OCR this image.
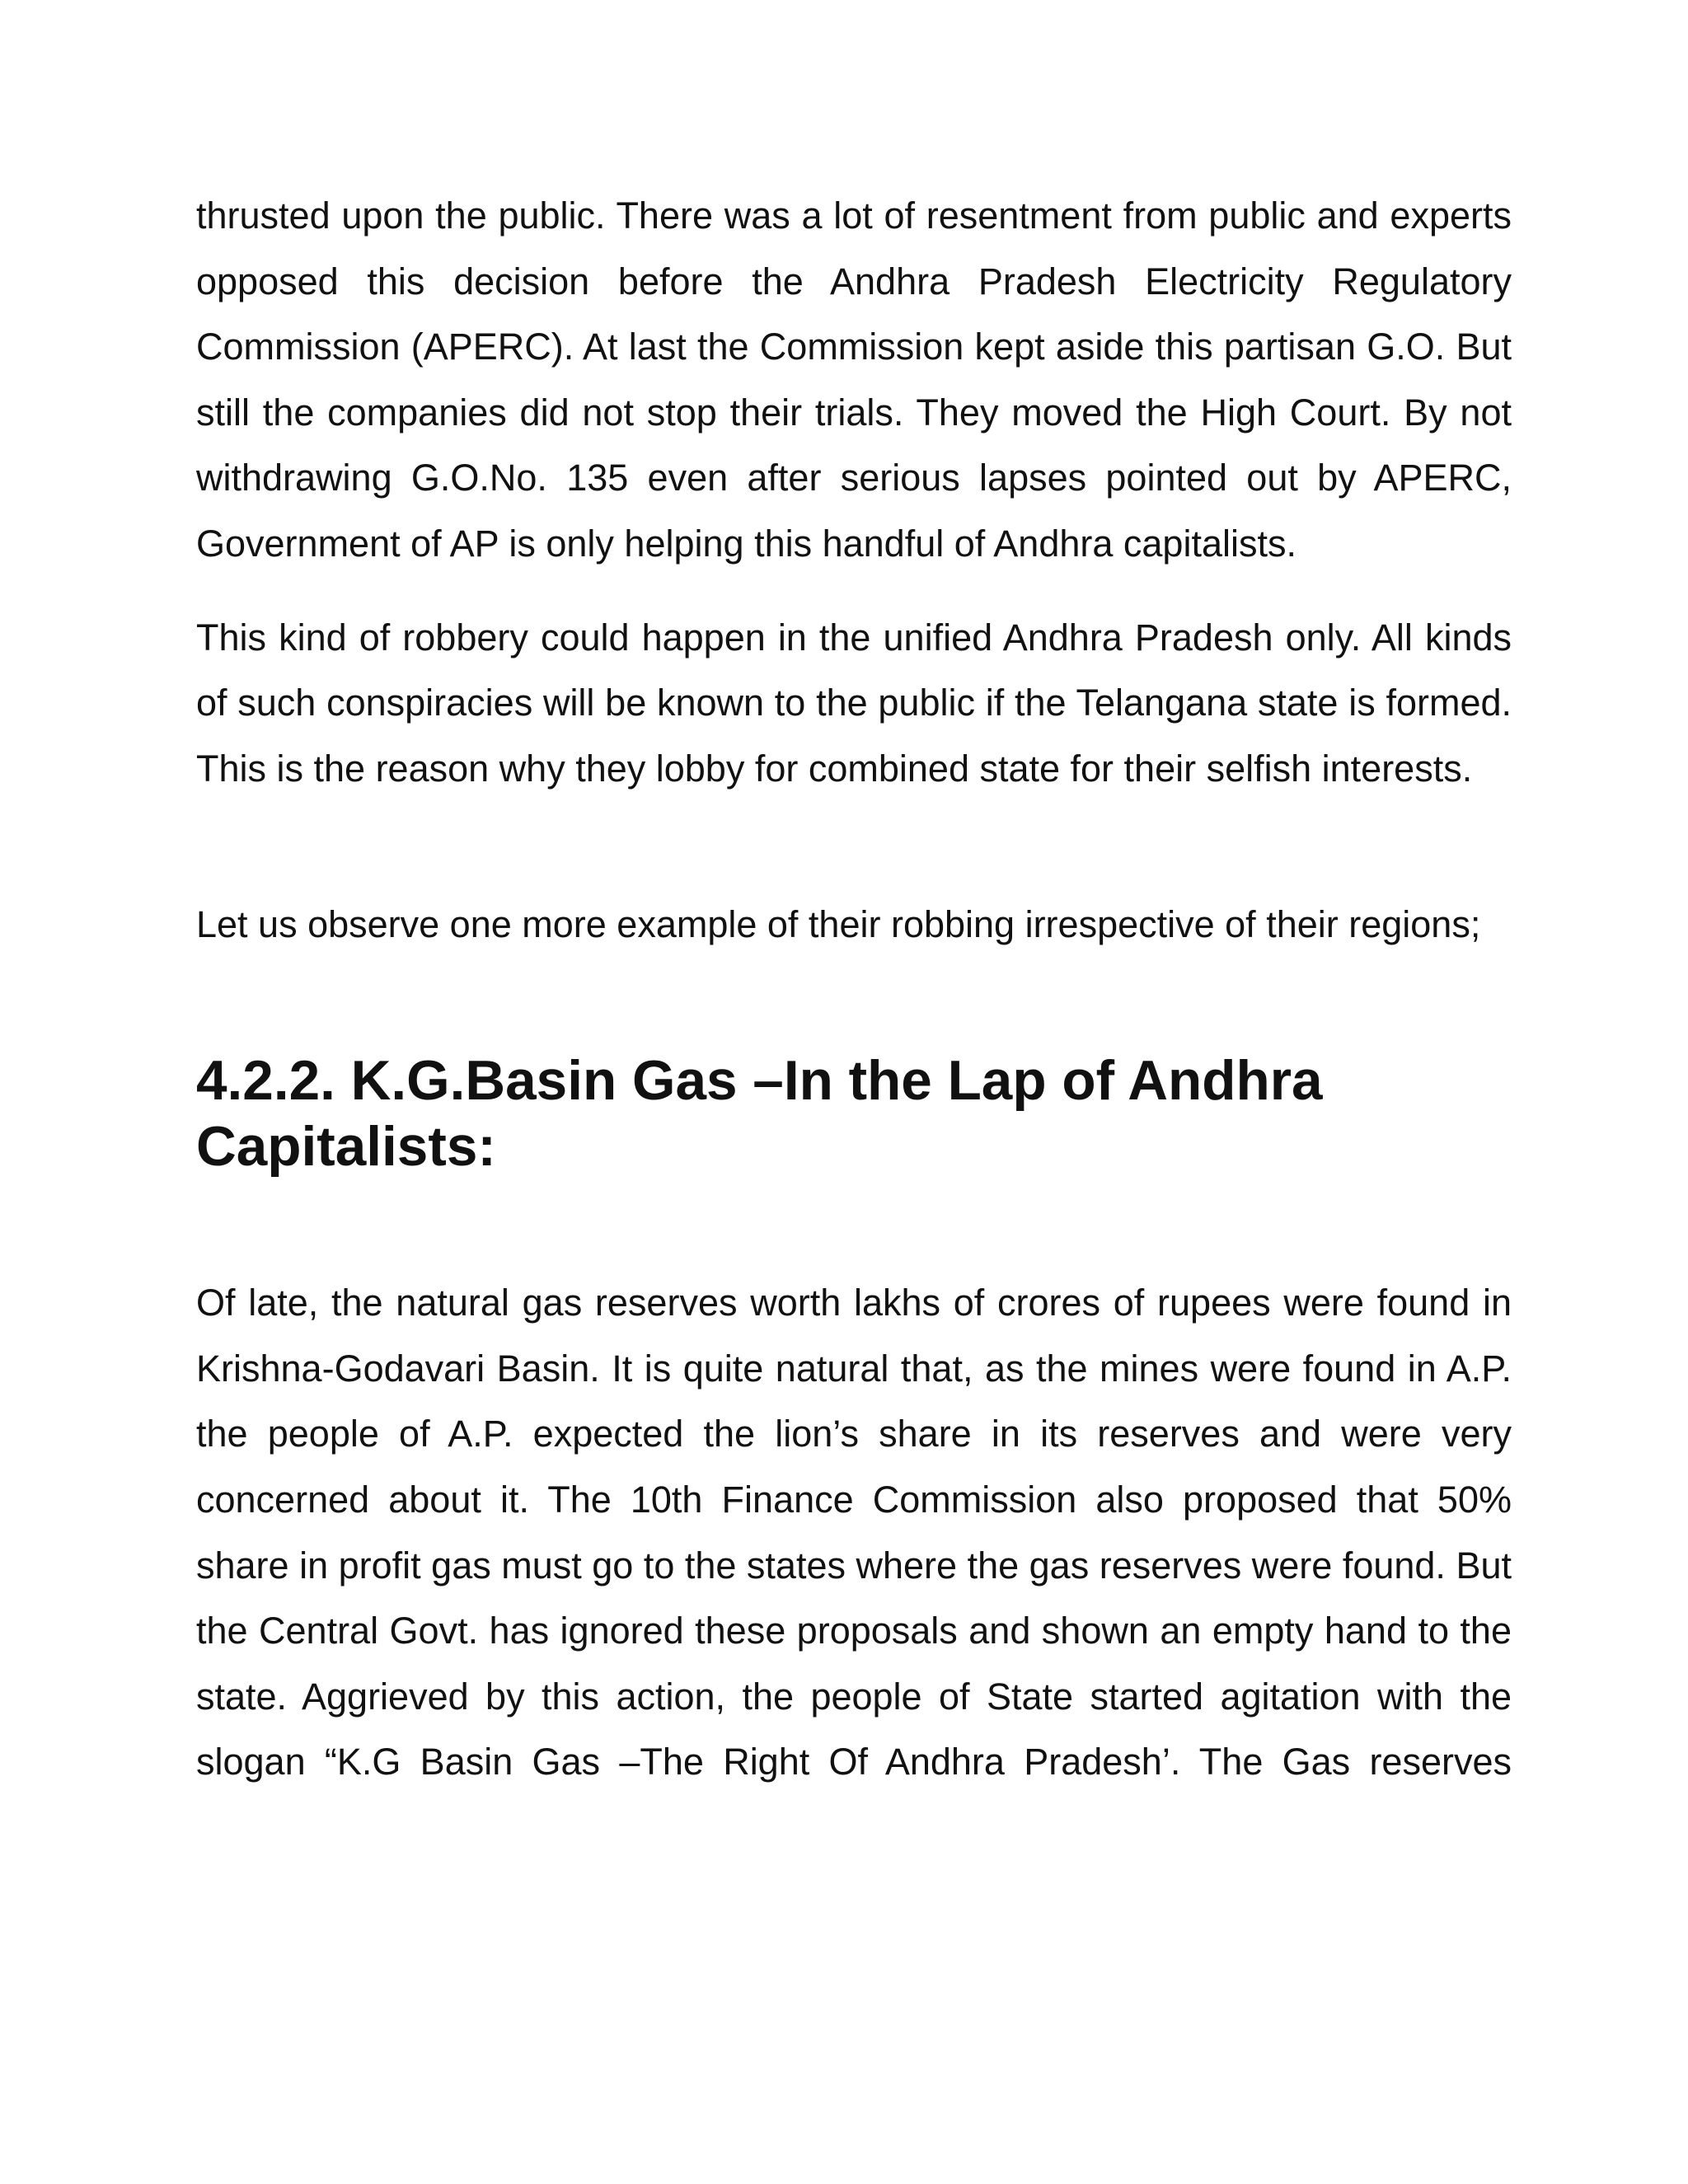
thrusted upon the public. There was a lot of resentment from public and experts opposed this decision before the Andhra Pradesh Electricity Regulatory Commission (APERC). At last the Commission kept aside this partisan G.O. But still the companies did not stop their trials. They moved the High Court. By not withdrawing G.O.No. 135 even after serious lapses pointed out by APERC, Government of AP is only helping this handful of Andhra capitalists.

This kind of robbery could happen in the unified Andhra Pradesh only. All kinds of such conspiracies will be known to the public if the Telangana state is formed. This is the reason why they lobby for combined state for their selfish interests.

Let us observe one more example of their robbing irrespective of their regions;

4.2.2. K.G.Basin Gas –In the Lap of Andhra Capitalists:

Of late, the natural gas reserves worth lakhs of crores of rupees were found in Krishna-Godavari Basin. It is quite natural that, as the mines were found in A.P. the people of A.P. expected the lion’s share in its reserves and were very concerned about it. The 10th Finance Commission also proposed that 50% share in profit gas must go to the states where the gas reserves were found. But the Central Govt. has ignored these proposals and shown an empty hand to the state. Aggrieved by this action, the people of State started agitation with the slogan “K.G Basin Gas –The Right Of Andhra Pradesh’. The Gas reserves
